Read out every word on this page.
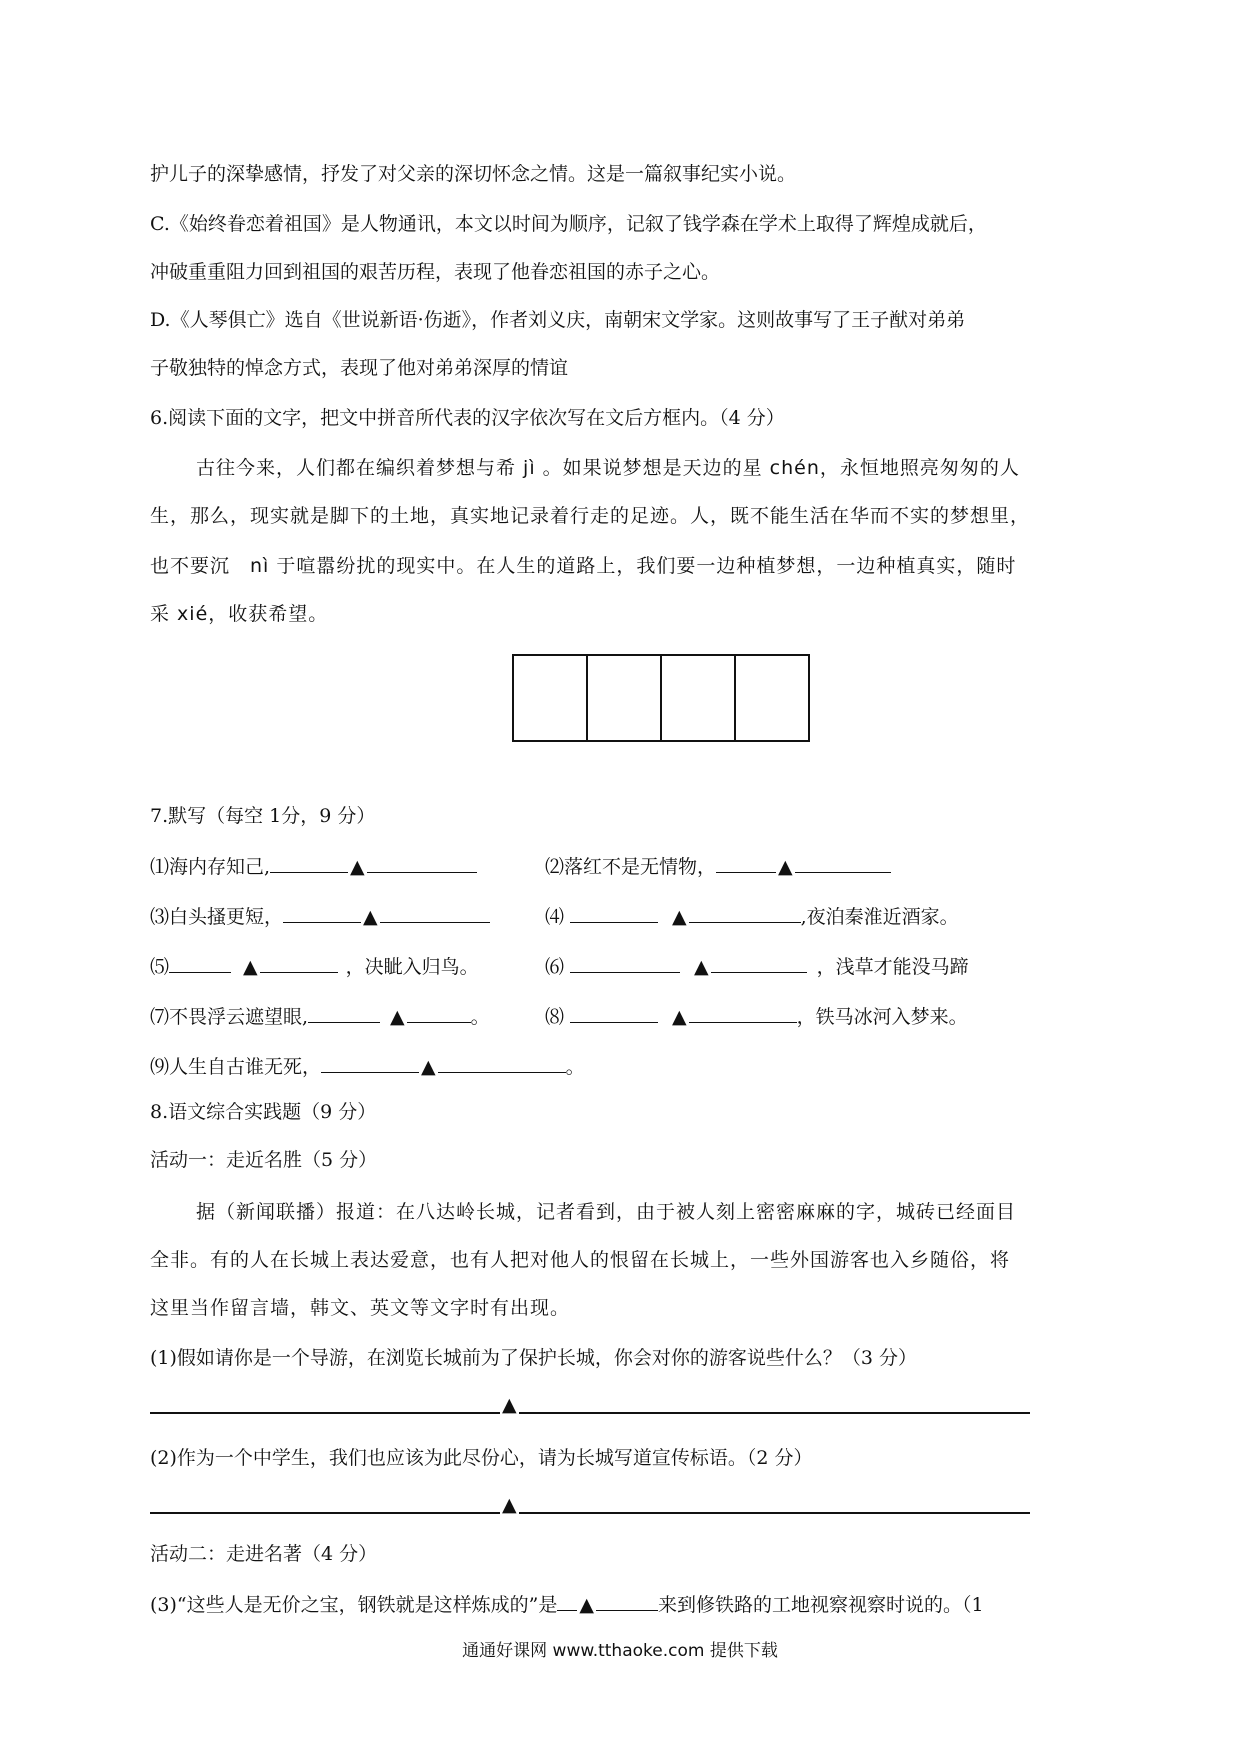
护儿子的深挚感情，抒发了对父亲的深切怀念之情。这是一篇叙事纪实小说。
C.《始终眷恋着祖国》是人物通讯，本文以时间为顺序，记叙了钱学森在学术上取得了辉煌成就后，
冲破重重阻力回到祖国的艰苦历程，表现了他眷恋祖国的赤子之心。
D.《人琴俱亡》选自《世说新语·伤逝》，作者刘义庆，南朝宋文学家。这则故事写了王子猷对弟弟
子敬独特的悼念方式，表现了他对弟弟深厚的情谊
6.阅读下面的文字，把文中拼音所代表的汉字依次写在文后方框内。（4 分）
古往今来，人们都在编织着梦想与希 jì 。如果说梦想是天边的星 chén，永恒地照亮匆匆的人
生，那么，现实就是脚下的土地，真实地记录着行走的足迹。人，既不能生活在华而不实的梦想里，
也不要沉　nì 于喧嚣纷扰的现实中。在人生的道路上，我们要一边种植梦想，一边种植真实，随时
采 xié，收获希望。
7.默写（每空 1分，9 分）
⑴海内存知己,	▲	⑵落红不是无情物，	▲
⑶白头搔更短，	▲	⑷	▲	,夜泊秦淮近酒家。
⑸	▲	，决眦入归鸟。	⑹	▲	，浅草才能没马蹄
⑺不畏浮云遮望眼,	▲	。	⑻	▲	，铁马冰河入梦来。
⑼人生自古谁无死，	▲	。
8.语文综合实践题（9 分）
活动一：走近名胜（5 分）
据（新闻联播）报道：在八达岭长城，记者看到，由于被人刻上密密麻麻的字，城砖已经面目
全非。有的人在长城上表达爱意，也有人把对他人的恨留在长城上，一些外国游客也入乡随俗，将
这里当作留言墙，韩文、英文等文字时有出现。
(1)假如请你是一个导游，在浏览长城前为了保护长城，你会对你的游客说些什么？（3 分）
▲
(2)作为一个中学生，我们也应该为此尽份心，请为长城写道宣传标语。（2 分）
▲
活动二：走进名著（4 分）
(3)“这些人是无价之宝，钢铁就是这样炼成的”是 ▲	来到修铁路的工地视察视察时说的。（1
通通好课网 www.tthaoke.com 提供下载
